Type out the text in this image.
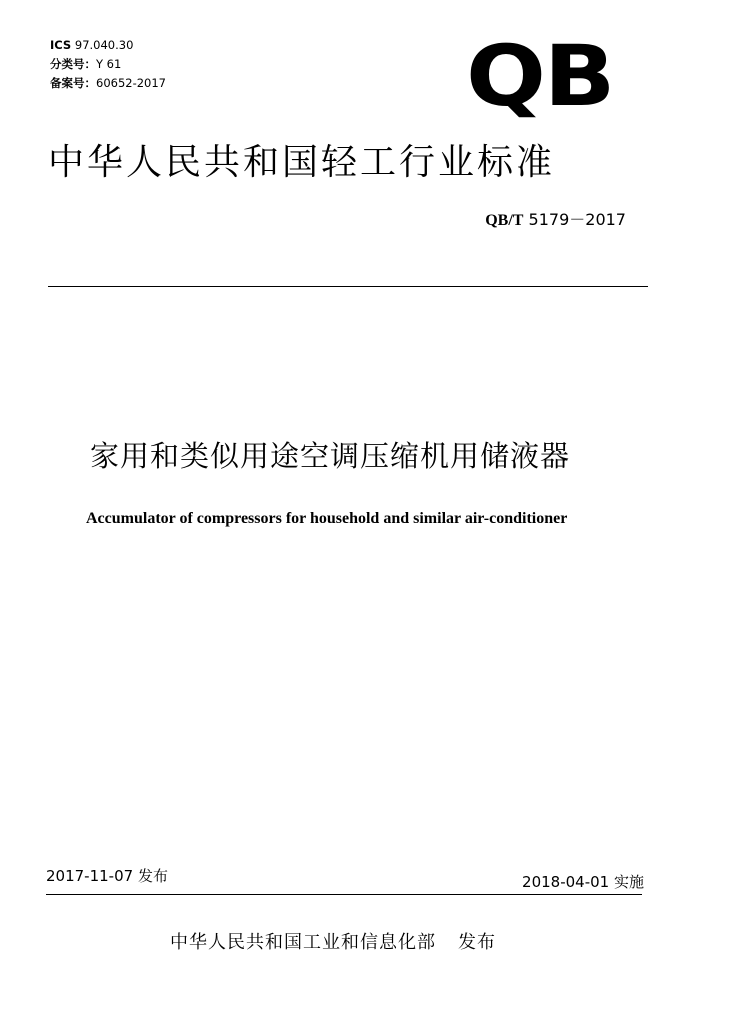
ICS 97.040.30
分类号：Y 61
备案号：60652-2017	QB
中华人民共和国轻工行业标准
QB/T 5179－2017
家用和类似用途空调压缩机用储液器
Accumulator of compressors for household and similar air-conditioner
2017-11-07 发布	2018-04-01 实施
中华人民共和国工业和信息化部 发布
